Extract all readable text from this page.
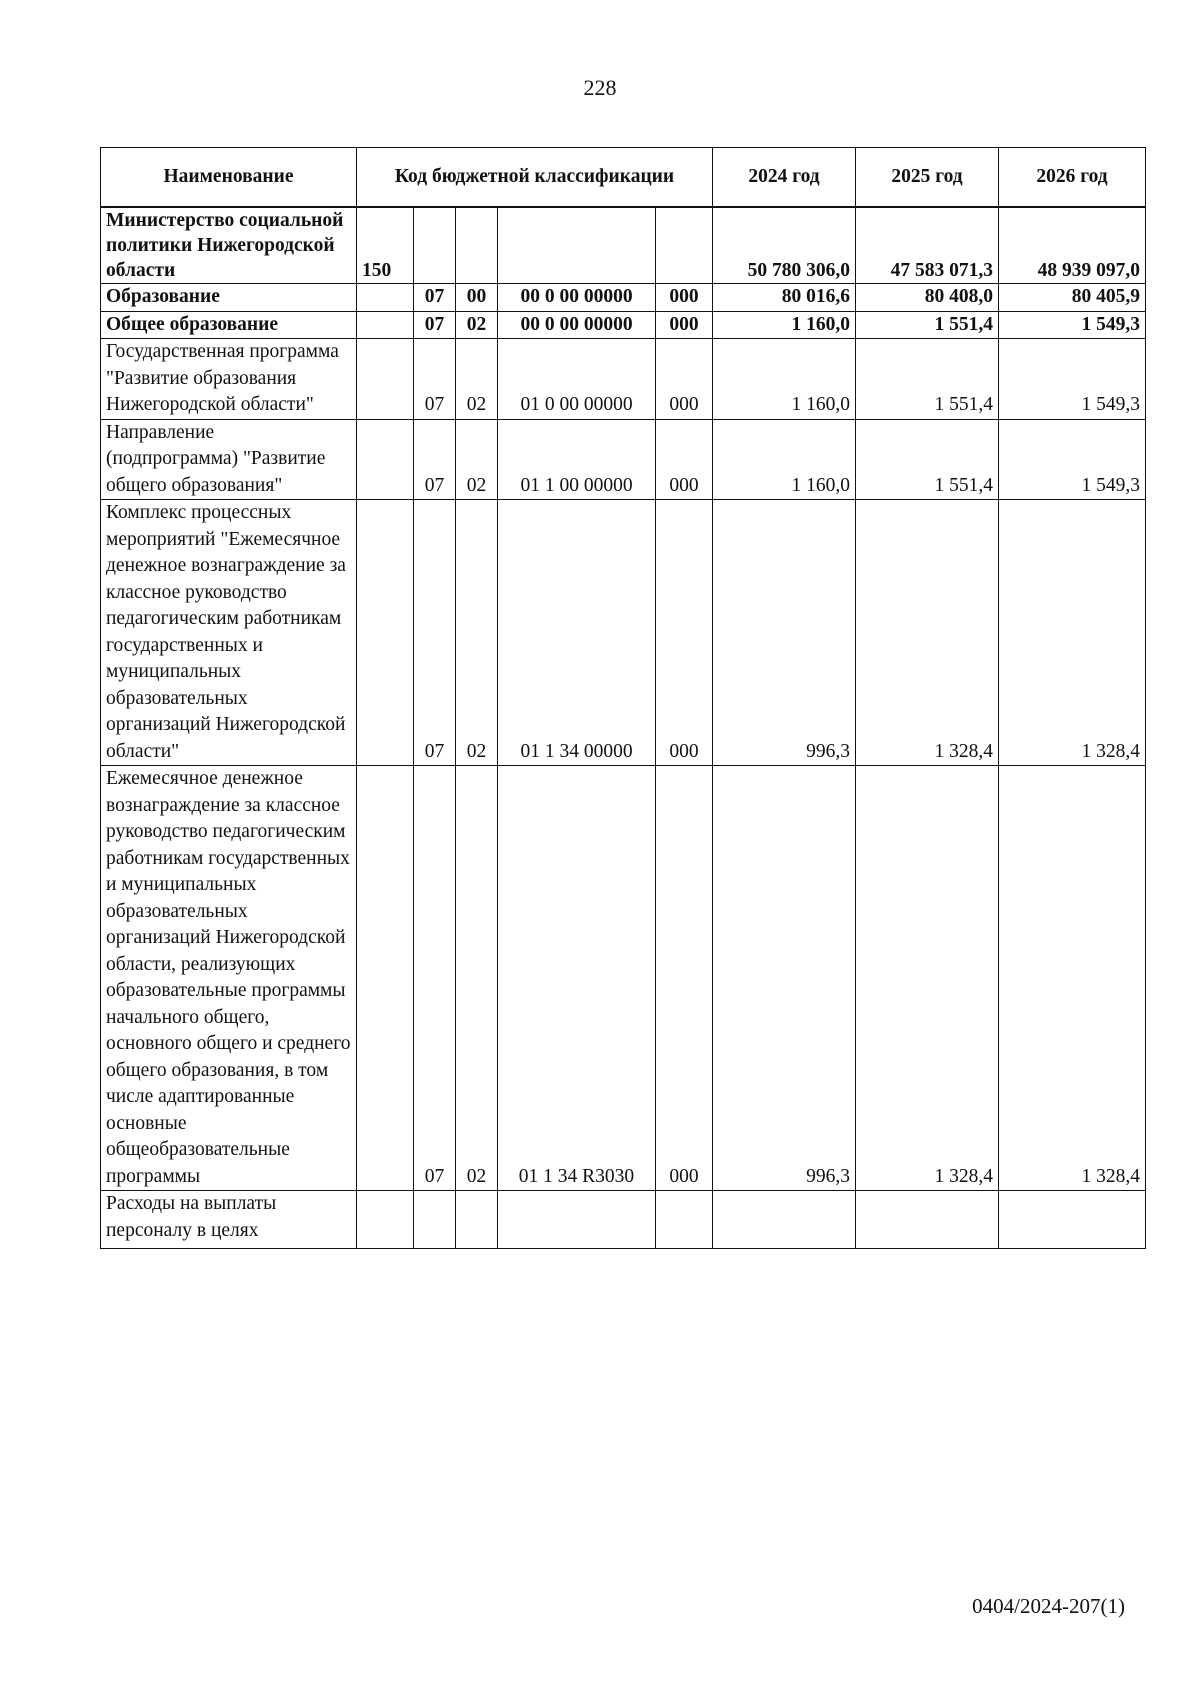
228
Наименование	Код бюджетной классификации					2024 год	2025 год	2026 год
Министерство социальной политики Нижегородской области	150					50 780 306,0	47 583 071,3	48 939 097,0
Образование		07	00	00 0 00 00000	000	80 016,6	80 408,0	80 405,9
Общее образование		07	02	00 0 00 00000	000	1 160,0	1 551,4	1 549,3
Государственная программа "Развитие образования Нижегородской области"		07	02	01 0 00 00000	000	1 160,0	1 551,4	1 549,3
Направление (подпрограмма) "Развитие общего образования"		07	02	01 1 00 00000	000	1 160,0	1 551,4	1 549,3
Комплекс процессных мероприятий "Ежемесячное денежное вознаграждение за классное руководство педагогическим работникам государственных и муниципальных образовательных организаций Нижегородской области"		07	02	01 1 34 00000	000	996,3	1 328,4	1 328,4
Ежемесячное денежное вознаграждение за классное руководство педагогическим работникам государственных и муниципальных образовательных организаций Нижегородской области, реализующих образовательные программы начального общего, основного общего и среднего общего образования, в том числе адаптированные основные общеобразовательные программы		07	02	01 1 34 R3030	000	996,3	1 328,4	1 328,4
Расходы на выплаты персоналу в целях								
0404/2024-207(1)
